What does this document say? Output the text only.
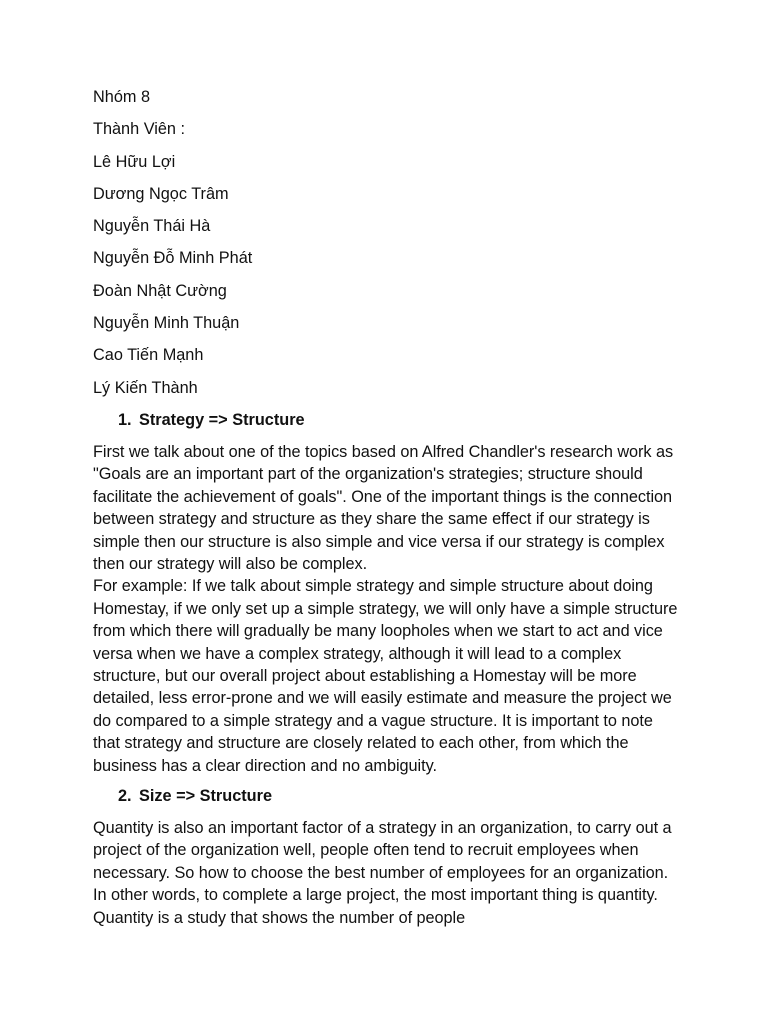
Nhóm 8
Thành Viên :
Lê Hữu Lợi
Dương Ngọc Trâm
Nguyễn Thái Hà
Nguyễn Đỗ Minh Phát
Đoàn Nhật Cường
Nguyễn Minh Thuận
Cao Tiến Mạnh
Lý Kiến Thành
1. Strategy => Structure

First we talk about one of the topics based on Alfred Chandler's research work as "Goals are an important part of the organization's strategies; structure should facilitate the achievement of goals". One of the important things is the connection between strategy and structure as they share the same effect if our strategy is simple then our structure is also simple and vice versa if our strategy is complex then our strategy will also be complex.

For example: If we talk about simple strategy and simple structure about doing Homestay, if we only set up a simple strategy, we will only have a simple structure from which there will gradually be many loopholes when we start to act and vice versa when we have a complex strategy, although it will lead to a complex structure, but our overall project about establishing a Homestay will be more detailed, less error-prone and we will easily estimate and measure the project we do compared to a simple strategy and a vague structure. It is important to note that strategy and structure are closely related to each other, from which the business has a clear direction and no ambiguity.

2. Size => Structure

Quantity is also an important factor of a strategy in an organization, to carry out a project of the organization well, people often tend to recruit employees when necessary. So how to choose the best number of employees for an organization. In other words, to complete a large project, the most important thing is quantity. Quantity is a study that shows the number of people
